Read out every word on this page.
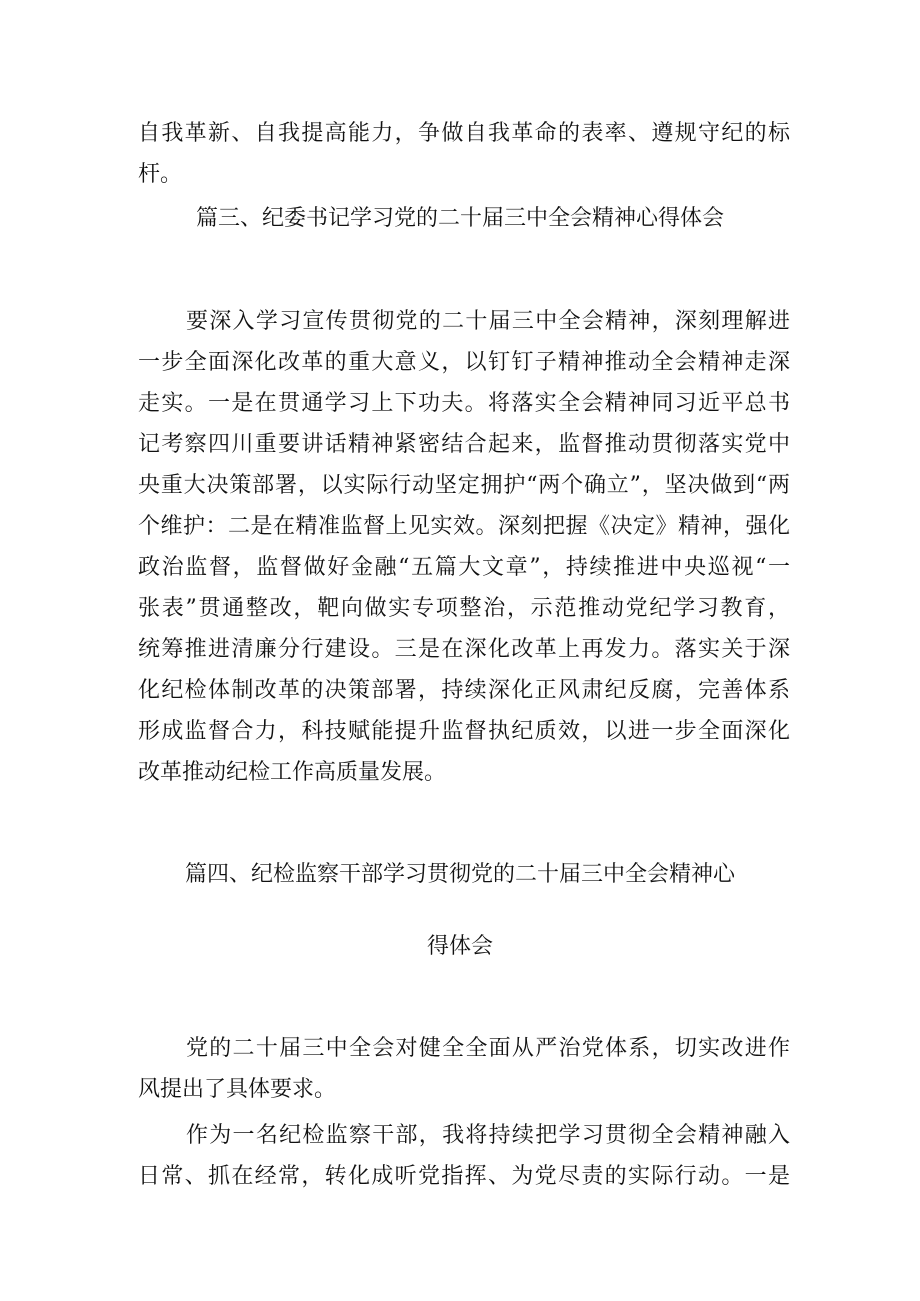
自我革新、自我提高能力，争做自我革命的表率、遵规守纪的标
杆。
篇三、纪委书记学习党的二十届三中全会精神心得体会
要深入学习宣传贯彻党的二十届三中全会精神，深刻理解进
一步全面深化改革的重大意义，以钉钉子精神推动全会精神走深
走实。一是在贯通学习上下功夫。将落实全会精神同习近平总书
记考察四川重要讲话精神紧密结合起来，监督推动贯彻落实党中
央重大决策部署，以实际行动坚定拥护“两个确立”，坚决做到“两
个维护：二是在精准监督上见实效。深刻把握《决定》精神，强化
政治监督，监督做好金融“五篇大文章”，持续推进中央巡视“一
张表”贯通整改，靶向做实专项整治，示范推动党纪学习教育，
统筹推进清廉分行建设。三是在深化改革上再发力。落实关于深
化纪检体制改革的决策部署，持续深化正风肃纪反腐，完善体系
形成监督合力，科技赋能提升监督执纪质效，以进一步全面深化
改革推动纪检工作高质量发展。
篇四、纪检监察干部学习贯彻党的二十届三中全会精神心
得体会
党的二十届三中全会对健全全面从严治党体系，切实改进作
风提出了具体要求。
作为一名纪检监察干部，我将持续把学习贯彻全会精神融入
日常、抓在经常，转化成听党指挥、为党尽责的实际行动。一是
